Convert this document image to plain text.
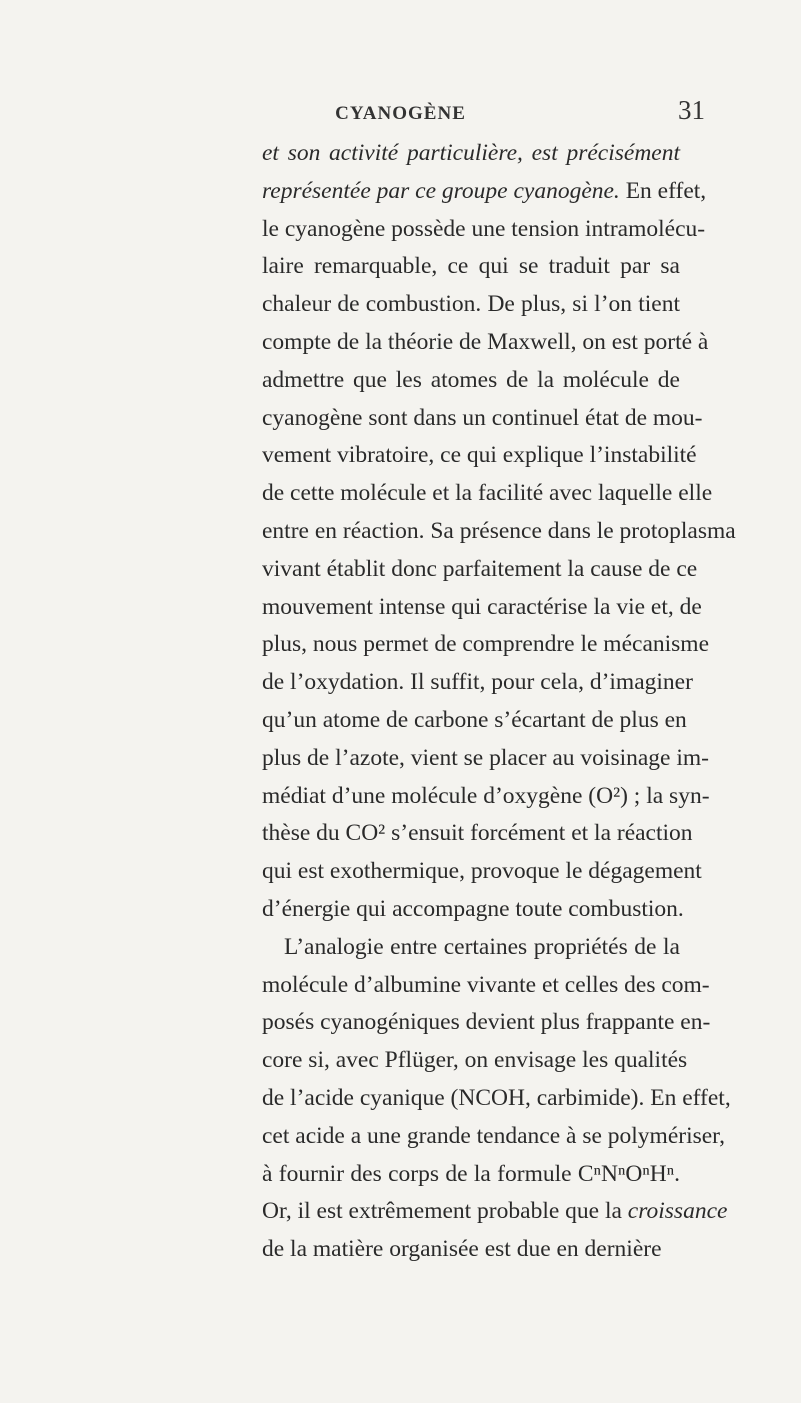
CYANOGÈNE	31
et son activité particulière, est précisément
représentée par ce groupe cyanogène. En effet,
le cyanogène possède une tension intramolécu-
laire remarquable, ce qui se traduit par sa
chaleur de combustion. De plus, si l’on tient
compte de la théorie de Maxwell, on est porté à
admettre que les atomes de la molécule de
cyanogène sont dans un continuel état de mou-
vement vibratoire, ce qui explique l’instabilité
de cette molécule et la facilité avec laquelle elle
entre en réaction. Sa présence dans le protoplasma
vivant établit donc parfaitement la cause de ce
mouvement intense qui caractérise la vie et, de
plus, nous permet de comprendre le mécanisme
de l’oxydation. Il suffit, pour cela, d’imaginer
qu’un atome de carbone s’écartant de plus en
plus de l’azote, vient se placer au voisinage im-
médiat d’une molécule d’oxygène (O²) ; la syn-
thèse du CO² s’ensuit forcément et la réaction
qui est exothermique, provoque le dégagement
d’énergie qui accompagne toute combustion.
L’analogie entre certaines propriétés de la
molécule d’albumine vivante et celles des com-
posés cyanogéniques devient plus frappante en-
core si, avec Pflüger, on envisage les qualités
de l’acide cyanique (NCOH, carbimide). En effet,
cet acide a une grande tendance à se polymériser,
à fournir des corps de la formule CⁿNⁿOⁿHⁿ.
Or, il est extrêmement probable que la croissance
de la matière organisée est due en dernière
